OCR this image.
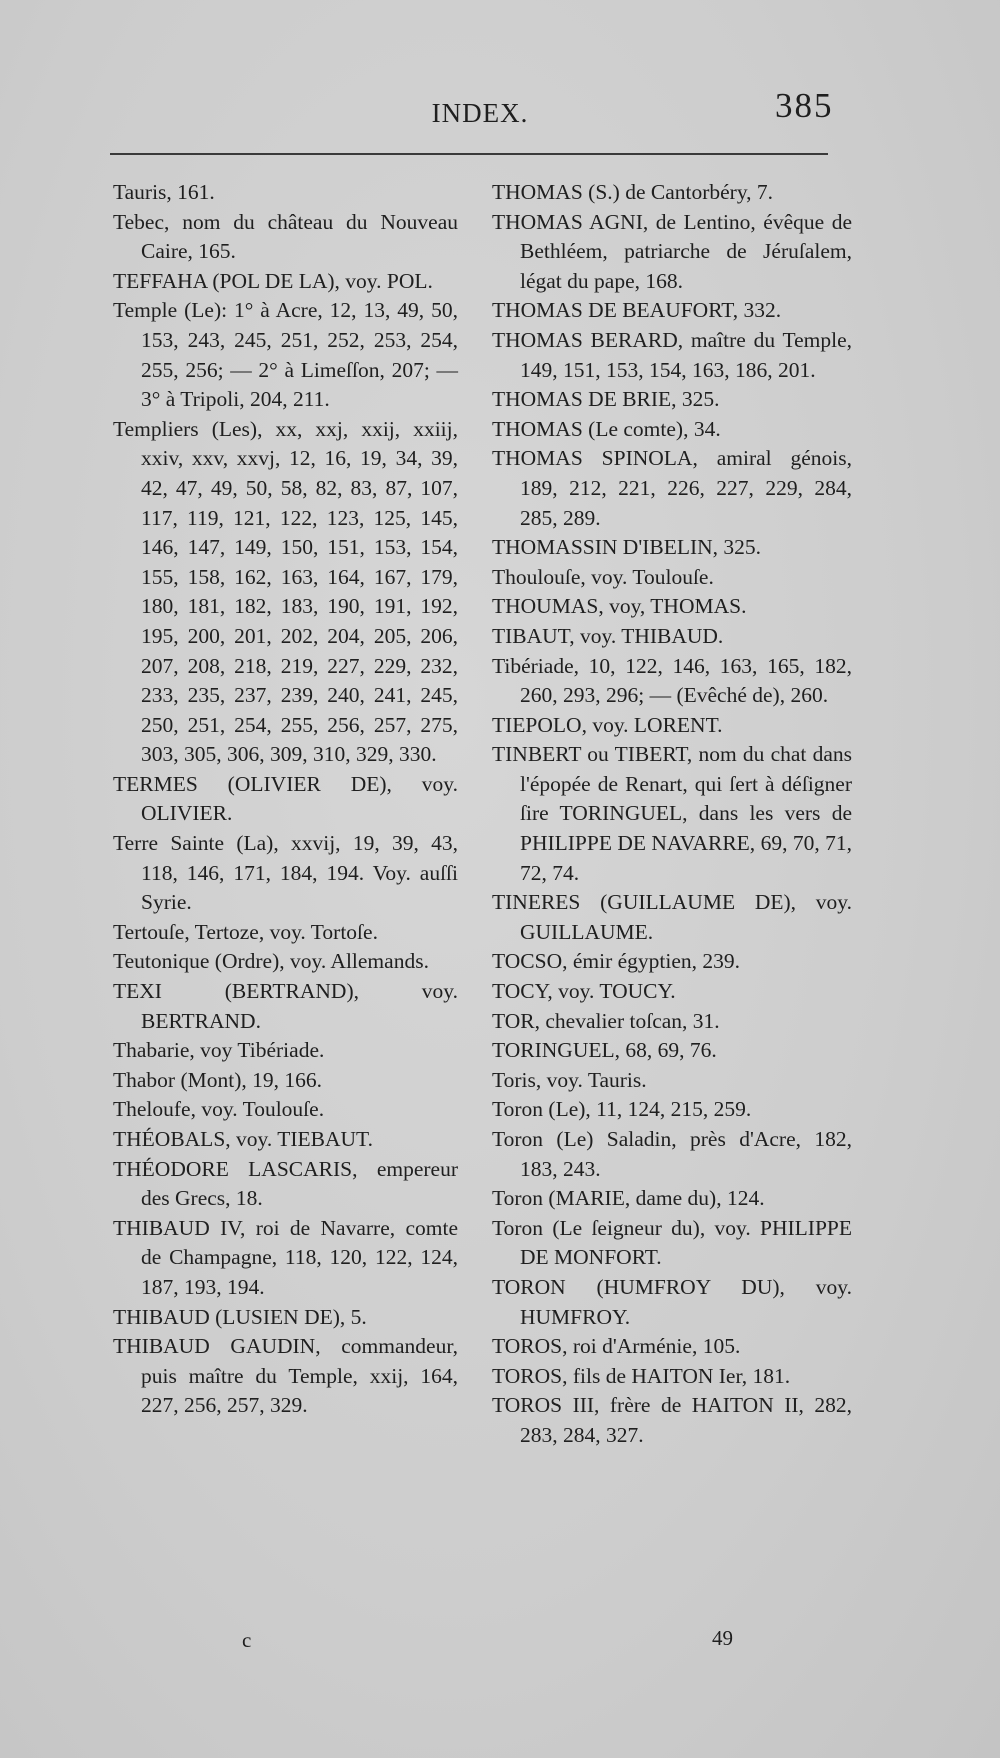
INDEX.	385

Tauris, 161.

Tebec, nom du château du Nouveau Caire, 165.

TEFFAHA (POL DE LA), voy. POL.

Temple (Le): 1° à Acre, 12, 13, 49, 50, 153, 243, 245, 251, 252, 253, 254, 255, 256; — 2° à Limeſſon, 207; — 3° à Tripoli, 204, 211.

Templiers (Les), xx, xxj, xxij, xxiij, xxiv, xxv, xxvj, 12, 16, 19, 34, 39, 42, 47, 49, 50, 58, 82, 83, 87, 107, 117, 119, 121, 122, 123, 125, 145, 146, 147, 149, 150, 151, 153, 154, 155, 158, 162, 163, 164, 167, 179, 180, 181, 182, 183, 190, 191, 192, 195, 200, 201, 202, 204, 205, 206, 207, 208, 218, 219, 227, 229, 232, 233, 235, 237, 239, 240, 241, 245, 250, 251, 254, 255, 256, 257, 275, 303, 305, 306, 309, 310, 329, 330.

TERMES (OLIVIER DE), voy. OLIVIER.

Terre Sainte (La), xxvij, 19, 39, 43, 118, 146, 171, 184, 194. Voy. auſſi Syrie.

Tertouſe, Tertoze, voy. Tortoſe.

Teutonique (Ordre), voy. Allemands.

TEXI (BERTRAND), voy. BERTRAND.

Thabarie, voy Tibériade.

Thabor (Mont), 19, 166.

Theloufe, voy. Toulouſe.

THÉOBALS, voy. TIEBAUT.

THÉODORE LASCARIS, empereur des Grecs, 18.

THIBAUD IV, roi de Navarre, comte de Champagne, 118, 120, 122, 124, 187, 193, 194.

THIBAUD (LUSIEN DE), 5.

THIBAUD GAUDIN, commandeur, puis maître du Temple, xxij, 164, 227, 256, 257, 329.

THOMAS (S.) de Cantorbéry, 7.

THOMAS AGNI, de Lentino, évêque de Bethléem, patriarche de Jéruſalem, légat du pape, 168.

THOMAS DE BEAUFORT, 332.

THOMAS BERARD, maître du Temple, 149, 151, 153, 154, 163, 186, 201.

THOMAS DE BRIE, 325.

THOMAS (Le comte), 34.

THOMAS SPINOLA, amiral génois, 189, 212, 221, 226, 227, 229, 284, 285, 289.

THOMASSIN D'IBELIN, 325.

Thoulouſe, voy. Toulouſe.

THOUMAS, voy, THOMAS.

TIBAUT, voy. THIBAUD.

Tibériade, 10, 122, 146, 163, 165, 182, 260, 293, 296; — (Evêché de), 260.

TIEPOLO, voy. LORENT.

TINBERT ou TIBERT, nom du chat dans l'épopée de Renart, qui ſert à déſigner ſire TORINGUEL, dans les vers de PHILIPPE DE NAVARRE, 69, 70, 71, 72, 74.

TINERES (GUILLAUME DE), voy. GUILLAUME.

TOCSO, émir égyptien, 239.

TOCY, voy. TOUCY.

TOR, chevalier toſcan, 31.

TORINGUEL, 68, 69, 76.

Toris, voy. Tauris.

Toron (Le), 11, 124, 215, 259.

Toron (Le) Saladin, près d'Acre, 182, 183, 243.

Toron (MARIE, dame du), 124.

Toron (Le ſeigneur du), voy. PHILIPPE DE MONFORT.

TORON (HUMFROY DU), voy. HUMFROY.

TOROS, roi d'Arménie, 105.

TOROS, fils de HAITON Ier, 181.

TOROS III, frère de HAITON II, 282, 283, 284, 327.

c	49
